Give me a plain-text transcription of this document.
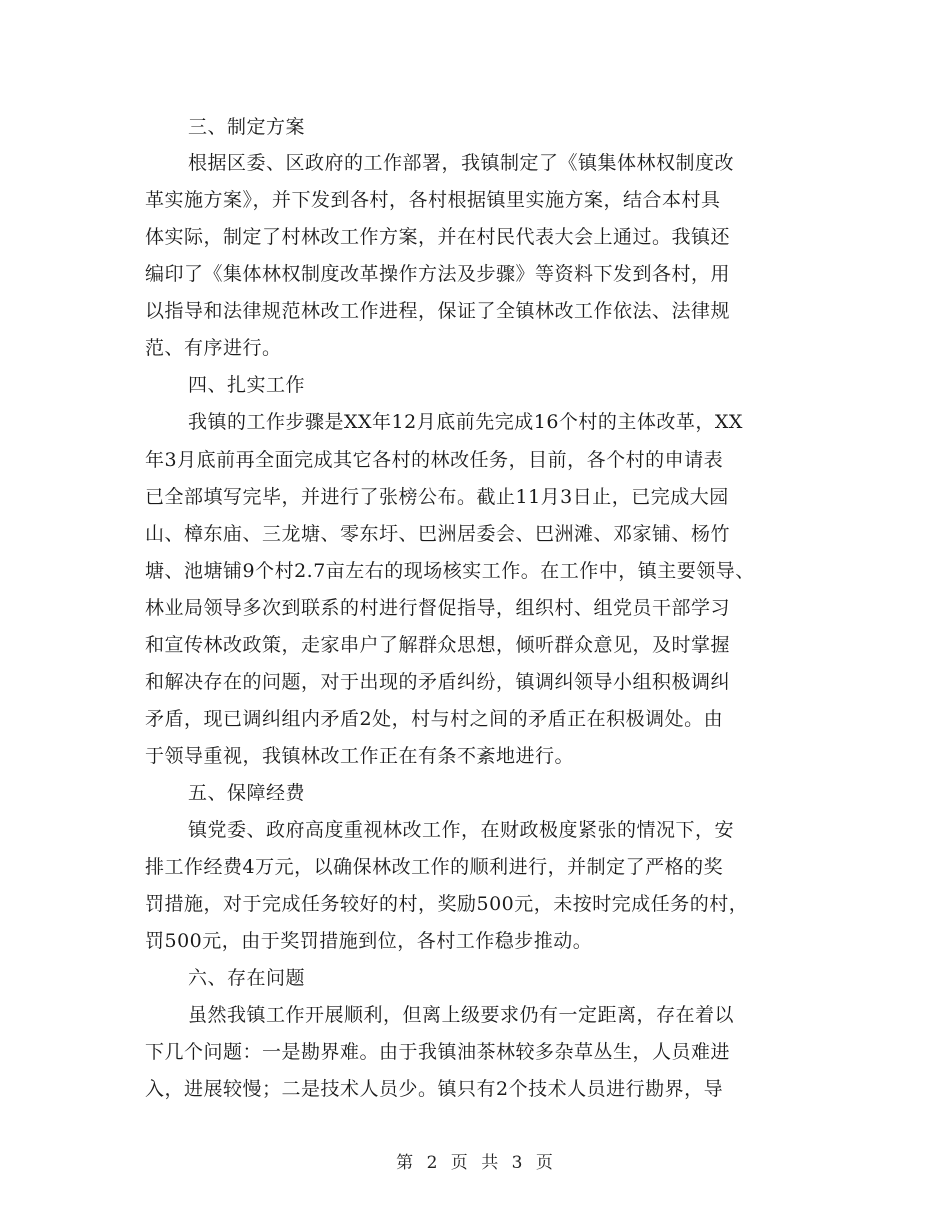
三、制定方案
根据区委、区政府的工作部署，我镇制定了《镇集体林权制度改
革实施方案》，并下发到各村，各村根据镇里实施方案，结合本村具
体实际，制定了村林改工作方案，并在村民代表大会上通过。我镇还
编印了《集体林权制度改革操作方法及步骤》等资料下发到各村，用
以指导和法律规范林改工作进程，保证了全镇林改工作依法、法律规
范、有序进行。
四、扎实工作
我镇的工作步骤是XX年12月底前先完成16个村的主体改革，XX
年3月底前再全面完成其它各村的林改任务，目前，各个村的申请表
已全部填写完毕，并进行了张榜公布。截止11月3日止，已完成大园
山、樟东庙、三龙塘、零东圩、巴洲居委会、巴洲滩、邓家铺、杨竹
塘、池塘铺9个村2.7亩左右的现场核实工作。在工作中，镇主要领导、
林业局领导多次到联系的村进行督促指导，组织村、组党员干部学习
和宣传林改政策，走家串户了解群众思想，倾听群众意见，及时掌握
和解决存在的问题，对于出现的矛盾纠纷，镇调纠领导小组积极调纠
矛盾，现已调纠组内矛盾2处，村与村之间的矛盾正在积极调处。由
于领导重视，我镇林改工作正在有条不紊地进行。
五、保障经费
镇党委、政府高度重视林改工作，在财政极度紧张的情况下，安
排工作经费4万元，以确保林改工作的顺利进行，并制定了严格的奖
罚措施，对于完成任务较好的村，奖励500元，未按时完成任务的村，
罚500元，由于奖罚措施到位，各村工作稳步推动。
六、存在问题
虽然我镇工作开展顺利，但离上级要求仍有一定距离，存在着以
下几个问题：一是勘界难。由于我镇油茶林较多杂草丛生，人员难进
入，进展较慢；二是技术人员少。镇只有2个技术人员进行勘界，导
第 2 页 共 3 页
